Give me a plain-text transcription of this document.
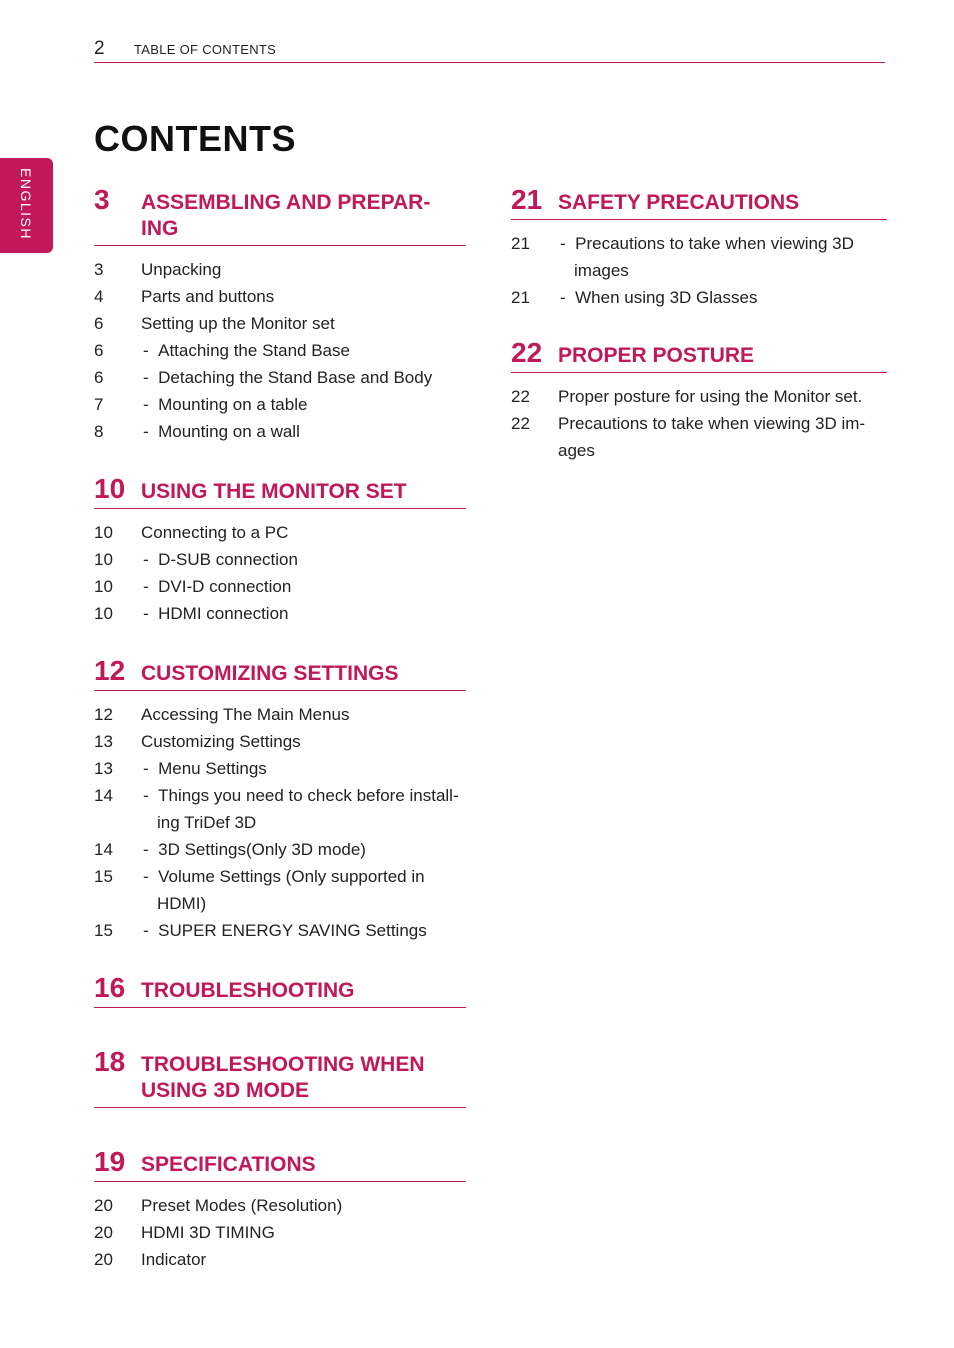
2 TABLE OF CONTENTS
ENGLISH
CONTENTS
3 ASSEMBLING AND PREPAR-
ING
3	Unpacking
4	Parts and buttons
6	Setting up the Monitor set
6	-  Attaching the Stand Base
6	-  Detaching the Stand Base and Body
7	-  Mounting on a table
8	-  Mounting on a wall
10 USING THE MONITOR SET
10	Connecting to a PC
10	-  D-SUB connection
10	-  DVI-D connection
10	-  HDMI connection
12 CUSTOMIZING SETTINGS
12	Accessing The Main Menus
13	Customizing Settings
13	-  Menu Settings
14	-  Things you need to check before install-ing TriDef 3D
14	-  3D Settings(Only 3D mode)
15	-  Volume Settings (Only supported in HDMI)
15	-  SUPER ENERGY SAVING Settings
16 TROUBLESHOOTING
18 TROUBLESHOOTING WHEN
USING 3D MODE
19 SPECIFICATIONS
20	Preset Modes (Resolution)
20	HDMI 3D TIMING
20	Indicator
21 SAFETY PRECAUTIONS
21	-  Precautions to take when viewing 3D images
21	-  When using 3D Glasses
22 PROPER POSTURE
22	Proper posture for using the Monitor set.
22	Precautions to take when viewing 3D im-ages
